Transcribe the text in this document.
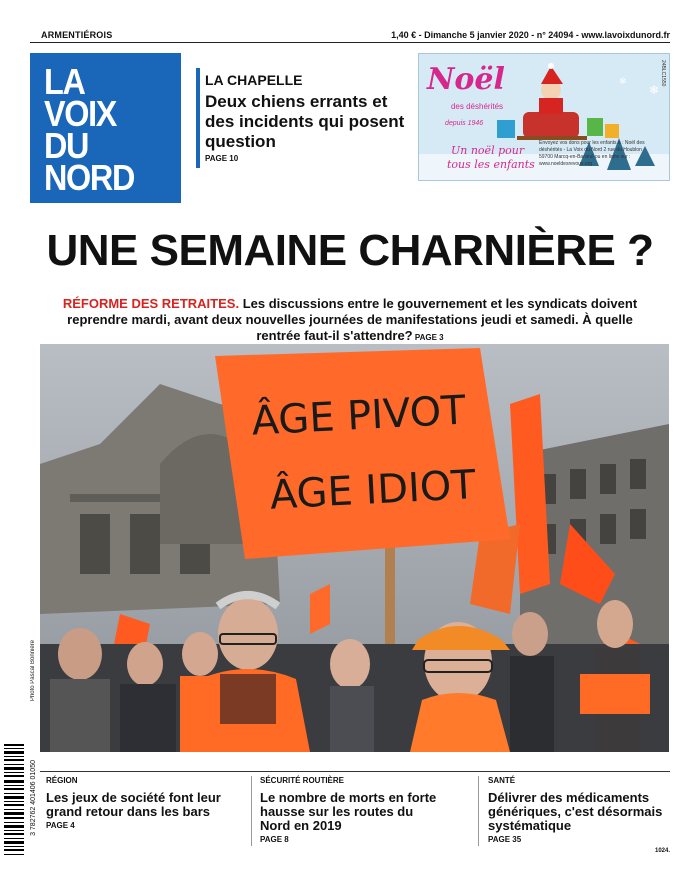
ARMENTIÉROIS	1,40 € - Dimanche 5 janvier 2020 - n° 24094 - www.lavoixdunord.fr
LA
VOIX
DU
NORD
LA CHAPELLE
Deux chiens errants et des incidents qui posent question
PAGE 10
❄
❄
Noël
des déshérités
depuis 1946
Un noël pour
tous les enfants
Envoyez vos dons pour les enfants à : Noël des déshérités - La Voix du Nord 2 rue du Houblon - 59700 Marcq-en-Barœul ou en ligne sur : www.noeldesrevous.org
24BLC1550
UNE SEMAINE CHARNIÈRE ?
RÉFORME DES RETRAITES. Les discussions entre le gouvernement et les syndicats doivent reprendre mardi, avant deux nouvelles journées de manifestations jeudi et samedi. À quelle rentrée faut-il s'attendre? PAGE 3
ÂGE PIVOT
ÂGE IDIOT
Photo Pascal Bonnière
3 782762 401406 01050 RÉGION
Les jeux de société font leur grand retour dans les bars
PAGE 4
SÉCURITÉ ROUTIÈRE
Le nombre de morts en forte hausse sur les routes du Nord en 2019
PAGE 8
SANTÉ
Délivrer des médicaments génériques, c'est désormais systématique
PAGE 35
1024.
